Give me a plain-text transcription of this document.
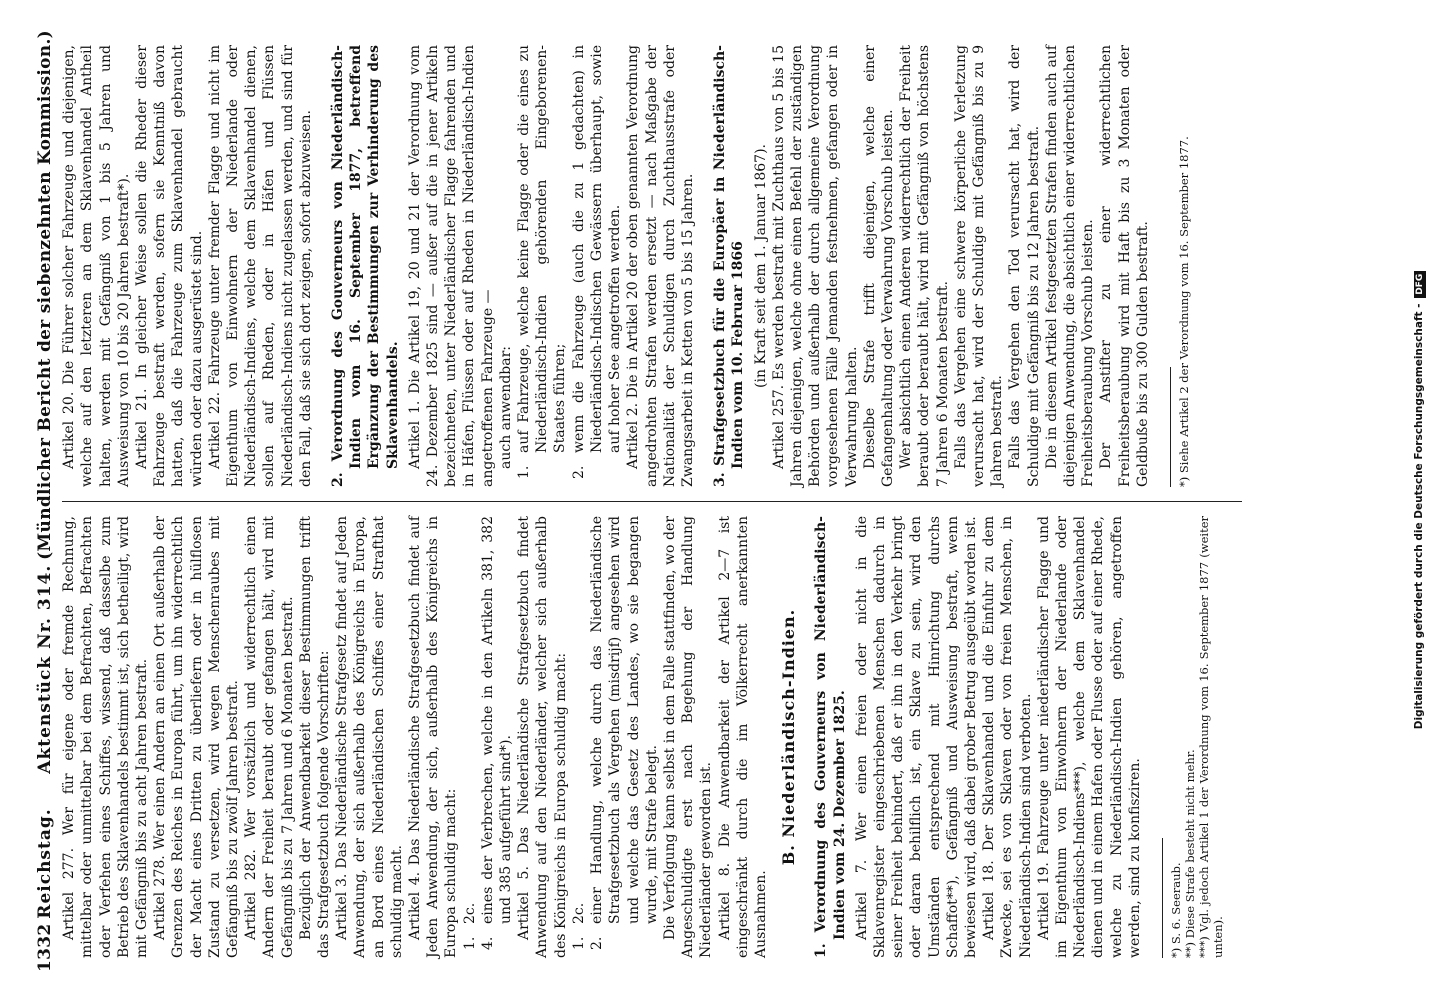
1332
Reichstag.     Aktenstück Nr. 314.
(Mündlicher Bericht der siebenzehnten Kommission.)

Artikel 277. Wer für eigene oder fremde Rechnung, mittelbar oder unmittelbar bei dem Befrachten, Befrachten oder Verfehen eines Schiffes, wissend, daß dasselbe zum Betrieb des Sklavenhandels bestimmt ist, sich betheiligt, wird mit Gefängniß bis zu acht Jahren bestraft. Artikel 278. Wer einen Andern an einen Ort außerhalb der Grenzen des Reiches in Europa führt, um ihn widerrechtlich der Macht eines Dritten zu überliefern oder in hülflosen Zustand zu versetzen, wird wegen Menschenraubes mit Gefängniß bis zu zwölf Jahren bestraft. Artikel 282. Wer vorsätzlich und widerrechtlich einen Andern der Freiheit beraubt oder gefangen hält, wird mit Gefängniß bis zu 7 Jahren und 6 Monaten bestraft. Bezüglich der Anwendbarkeit dieser Bestimmungen trifft das Strafgesetzbuch folgende Vorschriften: Artikel 3. Das Niederländische Strafgesetz findet auf Jeden Anwendung, der sich außerhalb des Königreichs in Europa, an Bord eines Niederländischen Schiffes einer Strafthat schuldig macht. Artikel 4. Das Niederländische Strafgesetzbuch findet auf Jeden Anwendung, der sich, außerhalb des Königreichs in Europa schuldig macht: 1.
2c.

4.
eines der Verbrechen, welche in den Artikeln 381, 382 und 385 aufgeführt sind*). Artikel 5. Das Niederländische Strafgesetzbuch findet Anwendung auf den Niederländer, welcher sich außerhalb des Königreichs in Europa schuldig macht: 1.
2c.

2.
einer Handlung, welche durch das Niederländische Strafgesetzbuch als Vergehen (misdrijf) angesehen wird und welche das Gesetz des Landes, wo sie begangen wurde, mit Strafe belegt. Die Verfolgung kann selbst in dem Falle stattfinden, wo der Angeschuldigte erst nach Begehung der Handlung Niederländer geworden ist. Artikel 8. Die Anwendbarkeit der Artikel 2—7 ist eingeschränkt durch die im Völkerrecht anerkannten Ausnahmen.

B. Niederländisch-Indien. 1. Verordnung des Gouverneurs von Niederländisch-Indien vom 24. Dezember 1825. Artikel 7. Wer einen freien oder nicht in die Sklavenregister eingeschriebenen Menschen dadurch in seiner Freiheit behindert, daß er ihn in den Verkehr bringt oder daran behilflich ist, ein Sklave zu sein, wird den Umständen entsprechend mit Hinrichtung durchs Schaffot**), Gefängniß und Ausweisung bestraft, wenn bewiesen wird, daß dabei grober Betrug ausgeübt worden ist. Artikel 18. Der Sklavenhandel und die Einfuhr zu dem Zwecke, sei es von Sklaven oder von freien Menschen, in Niederländisch-Indien sind verboten. Artikel 19. Fahrzeuge unter niederländischer Flagge und im Eigenthum von Einwohnern der Niederlande oder Niederländisch-Indiens***), welche dem Sklavenhandel dienen und in einem Hafen oder Flusse oder auf einer Rhede, welche zu Niederländisch-Indien gehören, angetroffen werden, sind zu konfisziren. *) S. 6. Seeraub. **) Diese Strafe besteht nicht mehr. ***) Vgl. jedoch Artikel 1 der Verordnung vom 16. September 1877 (weiter unten).

Artikel 20. Die Führer solcher Fahrzeuge und diejenigen, welche auf den letzteren an dem Sklavenhandel Antheil halten, werden mit Gefängniß von 1 bis 5 Jahren und Ausweisung von 10 bis 20 Jahren bestraft*). Artikel 21. In gleicher Weise sollen die Rheder dieser Fahrzeuge bestraft werden, sofern sie Kenntniß davon hatten, daß die Fahrzeuge zum Sklavenhandel gebraucht würden oder dazu ausgerüstet sind. Artikel 22. Fahrzeuge unter fremder Flagge und nicht im Eigenthum von Einwohnern der Niederlande oder Niederländisch-Indiens, welche dem Sklavenhandel dienen, sollen auf Rheden, oder in Häfen und Flüssen Niederländisch-Indiens nicht zugelassen werden, und sind für den Fall, daß sie sich dort zeigen, sofort abzuweisen. 2. Verordnung des Gouverneurs von Niederländisch-Indien vom 16. September 1877, betreffend Ergänzung der Bestimmungen zur Verhinderung des Sklavenhandels. Artikel 1. Die Artikel 19, 20 und 21 der Verordnung vom 24. Dezember 1825 sind — außer auf die in jener Artikeln bezeichneten, unter Niederländischer Flagge fahrenden und in Häfen, Flüssen oder auf Rheden in Niederländisch-Indien angetroffenen Fahrzeuge — auch anwendbar:

1.
auf Fahrzeuge, welche keine Flagge oder die eines zu Niederländisch-Indien gehörenden Eingeborenen-Staates führen;

2.
wenn die Fahrzeuge (auch die zu 1 gedachten) in Niederländisch-Indischen Gewässern überhaupt, sowie auf hoher See angetroffen werden. Artikel 2. Die in Artikel 20 der oben genannten Verordnung angedrohten Strafen werden ersetzt — nach Maßgabe der Nationalität der Schuldigen durch Zuchthausstrafe oder Zwangsarbeit in Ketten von 5 bis 15 Jahren. 3. Strafgesetzbuch für die Europäer in Niederländisch-Indien vom 10. Februar 1866 (in Kraft seit dem 1. Januar 1867). Artikel 257. Es werden bestraft mit Zuchthaus von 5 bis 15 Jahren diejenigen, welche ohne einen Befehl der zuständigen Behörden und außerhalb der durch allgemeine Verordnung vorgesehenen Fälle Jemanden festnehmen, gefangen oder in Verwahrung halten. Dieselbe Strafe trifft diejenigen, welche einer Gefangenhaltung oder Verwahrung Vorschub leisten. Wer absichtlich einen Anderen widerrechtlich der Freiheit beraubt oder beraubt hält, wird mit Gefängniß von höchstens 7 Jahren 6 Monaten bestraft. Falls das Vergehen eine schwere körperliche Verletzung verursacht hat, wird der Schuldige mit Gefängniß bis zu 9 Jahren bestraft. Falls das Vergehen den Tod verursacht hat, wird der Schuldige mit Gefängniß bis zu 12 Jahren bestraft. Die in diesem Artikel festgesetzten Strafen finden auch auf diejenigen Anwendung, die absichtlich einer widerrechtlichen Freiheitsberaubung Vorschub leisten. Der Anstifter zu einer widerrechtlichen Freiheitsberaubung wird mit Haft bis zu 3 Monaten oder Geldbuße bis zu 300 Gulden bestraft. *) Siehe Artikel 2 der Verordnung vom 16. September 1877.	Digitalisierung gefördert durch die Deutsche Forschungsgemeinschaft - DFG
